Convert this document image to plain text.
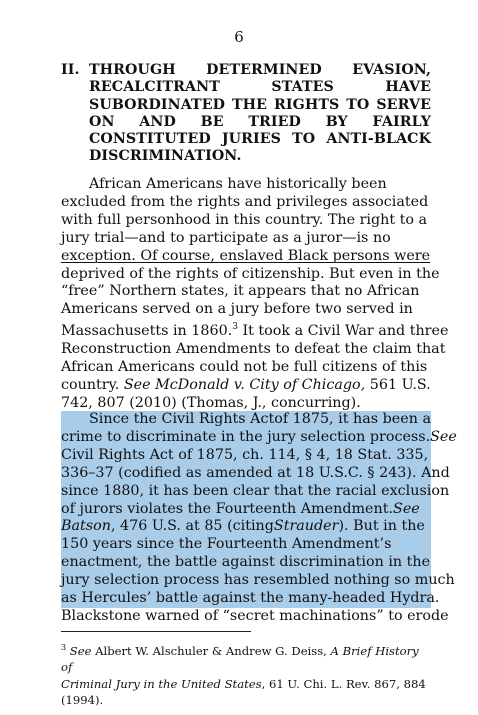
6
II. THROUGH DETERMINED EVASION,
RECALCITRANT STATES HAVE
SUBORDINATED THE RIGHTS TO SERVE
ON AND BE TRIED BY FAIRLY
CONSTITUTED JURIES TO ANTI-BLACK
DISCRIMINATION.
African Americans have historically been
excluded from the rights and privileges associated
with full personhood in this country. The right to a
jury trial—and to participate as a juror—is no
exception. Of course, enslaved Black persons were
deprived of the rights of citizenship. But even in the
“free” Northern states, it appears that no African
Americans served on a jury before two served in
Massachusetts in 1860.$^3$ It took a Civil War and three
Reconstruction Amendments to defeat the claim that
African Americans could not be full citizens of this
country. See McDonald v. City of Chicago, 561 U.S.
742, 807 (2010) (Thomas, J., concurring).
Since the Civil Rights Act of 1875, it has been a
crime to discriminate in the jury selection process. See
Civil Rights Act of 1875, ch. 114, § 4, 18 Stat. 335,
336–37 (codified as amended at 18 U.S.C. § 243). And
since 1880, it has been clear that the racial exclusion
of jurors violates the Fourteenth Amendment. See
Batson , 476 U.S. at 85 (citing Strauder ). But in the
150 years since the Fourteenth Amendment’s
enactment, the battle against discrimination in the
jury selection process has resembled nothing so much
as Hercules’ battle against the many-headed Hydra.
Blackstone warned of “secret machinations” to erode
$^3$ See Albert W. Alschuler & Andrew G. Deiss, A Brief History of
Criminal Jury in the United States, 61 U. Chi. L. Rev. 867, 884
(1994).
